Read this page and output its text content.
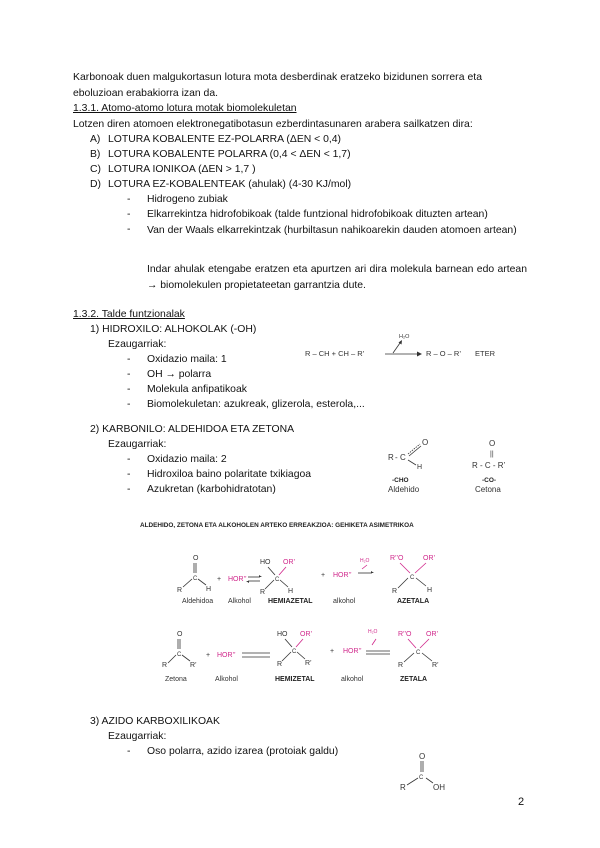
Karbonoak duen malgukortasun lotura mota desberdinak eratzeko bizidunen sorrera eta
eboluzioan erabakiorra izan da.
1.3.1. Atomo-atomo lotura motak biomolekuletan
Lotzen diren atomoen elektronegatibotasun ezberdintasunaren arabera sailkatzen dira:
A) LOTURA KOBALENTE EZ-POLARRA (ΔEN < 0,4)
B) LOTURA KOBALENTE POLARRA (0,4 < ΔEN < 1,7)
C) LOTURA IONIKOA (ΔEN > 1,7 )
D) LOTURA EZ-KOBALENTEAK (ahulak) (4-30 KJ/mol)
-	Hidrogeno zubiak
-	Elkarrekintza hidrofobikoak (talde funtzional hidrofobikoak dituzten artean)
-	Van der Waals elkarrekintzak (hurbiltasun nahikoarekin dauden atomoen artean)
Indar ahulak etengabe eratzen eta apurtzen ari dira molekula barnean edo artean → biomolekulen propietateetan garrantzia dute.
1.3.2. Talde funtzionalak
1) HIDROXILO: ALHOKOLAK (-OH)
Ezaugarriak:
- Oxidazio maila: 1
- OH → polarra
- Molekula anfipatikoak
- Biomolekuletan: azukreak, glizerola, esterola,...
R – CH + CH – R’
H₂O
R – O – R’ ETER
2) KARBONILO: ALDEHIDOA ETA ZETONA
Ezaugarriak:
- Oxidazio maila: 2
- Hidroxiloa baino polaritate txikiagoa
- Azukretan (karbohidratotan)
R - C
O
H
-CHO
Aldehido
O
||
R - C - R’
-CO-
Cetona
ALDEHIDO, ZETONA ETA ALKOHOLEN ARTEKO ERREAKZIOA: GEHIKETA ASIMETRIKOA
O
C
R	H
+ HOR’’
HO OR’
C
R	H
+ HOR’’
H₂O	R’’O	OR’
C
R	H
Aldehidoa Alkohol HEMIAZETAL	alkohol	AZETALA
O
C
R	R’
+ HOR’’
HO OR’
C
R	R’
+ HOR’’
H₂O	R’’O OR’
C
R	R’
Zetona	Alkohol	HEMIZETAL	alkohol	ZETALA
3) AZIDO KARBOXILIKOAK
Ezaugarriak:
- Oso polarra, azido izarea (protoiak galdu)	O
C
R	OH
2
